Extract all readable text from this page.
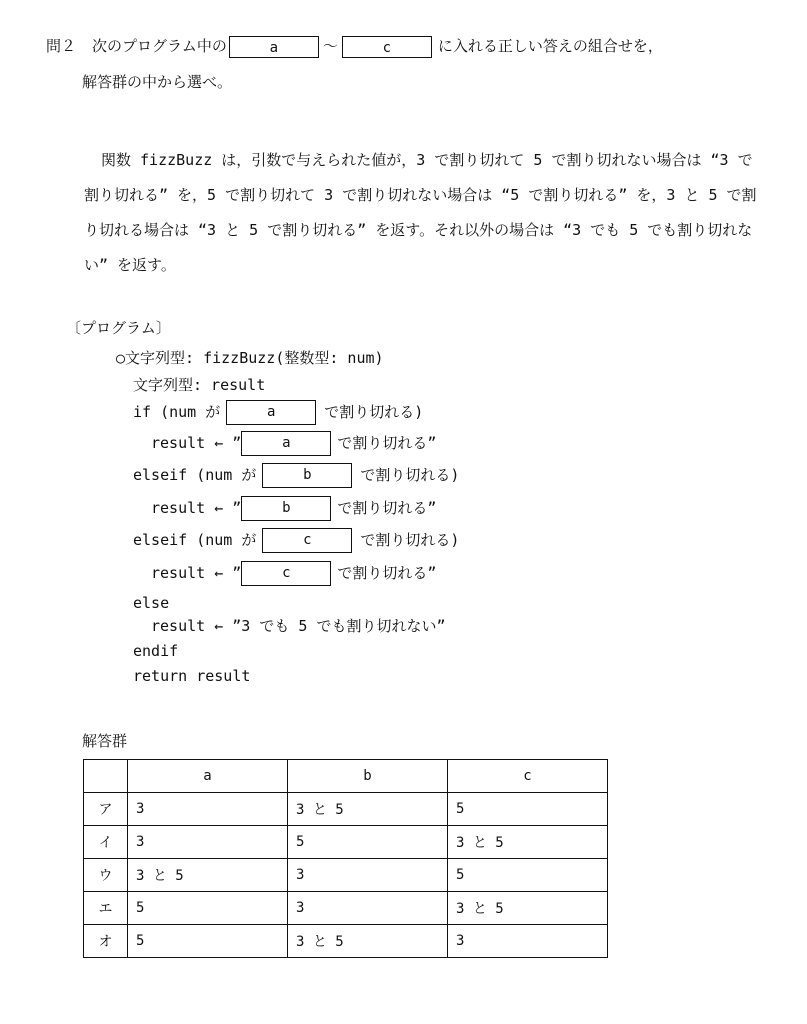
問２ 次のプログラム中の	a	～	c	に入れる正しい答えの組合せを，
解答群の中から選べ。

関数 fizzBuzz は，引数で与えられた値が，3 で割り切れて 5 で割り切れない場合は “3 で割り切れる” を，5 で割り切れて 3 で割り切れない場合は “5 で割り切れる” を，3 と 5 で割り切れる場合は “3 と 5 で割り切れる” を返す。それ以外の場合は “3 でも 5 でも割り切れない” を返す。

〔プログラム〕
○文字列型: fizzBuzz(整数型: num)
文字列型: result
if (num が	a	で割り切れる)
result ← ”	a	で割り切れる”
elseif (num が	b	で割り切れる)
result ← ”	b	で割り切れる”
elseif (num が	c	で割り切れる)
result ← ”	c	で割り切れる”
else
result ← ”3 でも 5 でも割り切れない”
endif
return result
解答群
	a	b	c
ア	3	3 と 5	5
イ	3	5	3 と 5
ウ	3 と 5	3	5
エ	5	3	3 と 5
オ	5	3 と 5	3
